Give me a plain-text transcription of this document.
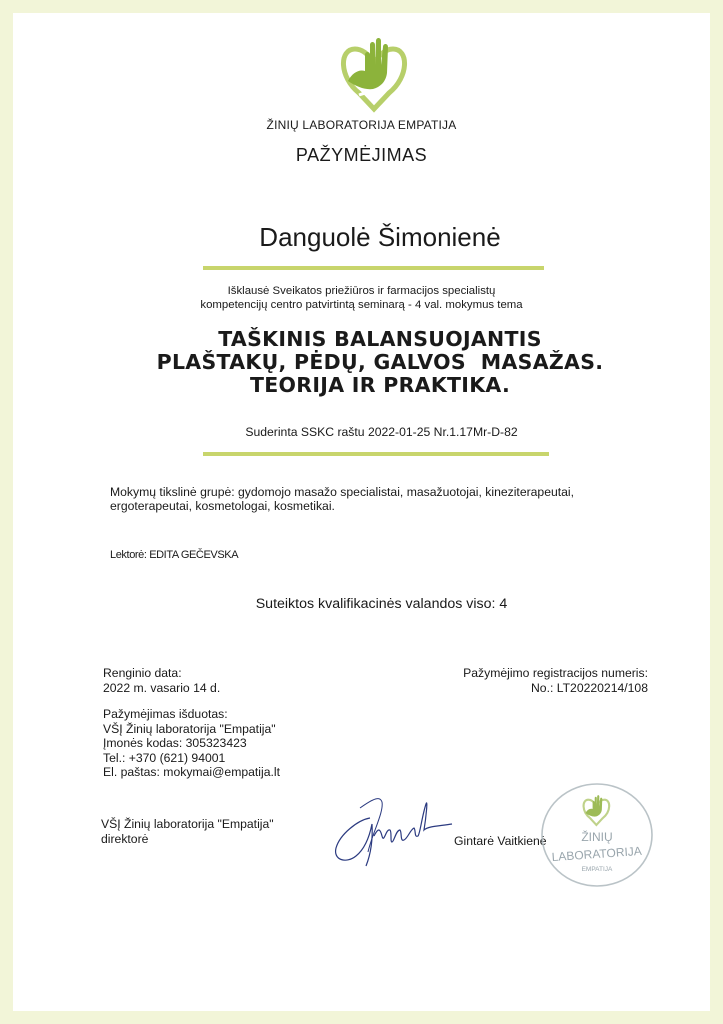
ŽINIŲ LABORATORIJA EMPATIJA
PAŽYMĖJIMAS
Danguolė Šimonienė
Išklausė Sveikatos priežiūros ir farmacijos specialistų
kompetencijų centro patvirtintą seminarą - 4 val. mokymus tema
TAŠKINIS BALANSUOJANTIS
PLAŠTAKŲ, PĖDŲ, GALVOS  MASAŽAS.
TEORIJA IR PRAKTIKA.
Suderinta SSKC raštu 2022-01-25 Nr.1.17Mr-D-82
Mokymų tikslinė grupė: gydomojo masažo specialistai, masažuotojai, kineziterapeutai,
ergoterapeutai, kosmetologai, kosmetikai.
Lektorė: EDITA GEČEVSKA
Suteiktos kvalifikacinės valandos viso: 4
Renginio data:
2022 m. vasario 14 d.
Pažymėjimo registracijos numeris:
No.: LT20220214/108
Pažymėjimas išduotas:
VŠĮ Žinių laboratorija "Empatija"
Įmonės kodas: 305323423
Tel.: +370 (621) 94001
El. paštas: mokymai@empatija.lt
VŠĮ Žinių laboratorija "Empatija"
direktorė	Gintarė Vaitkienė	ŽINIŲ
LABORATORIJA
EMPATIJA
